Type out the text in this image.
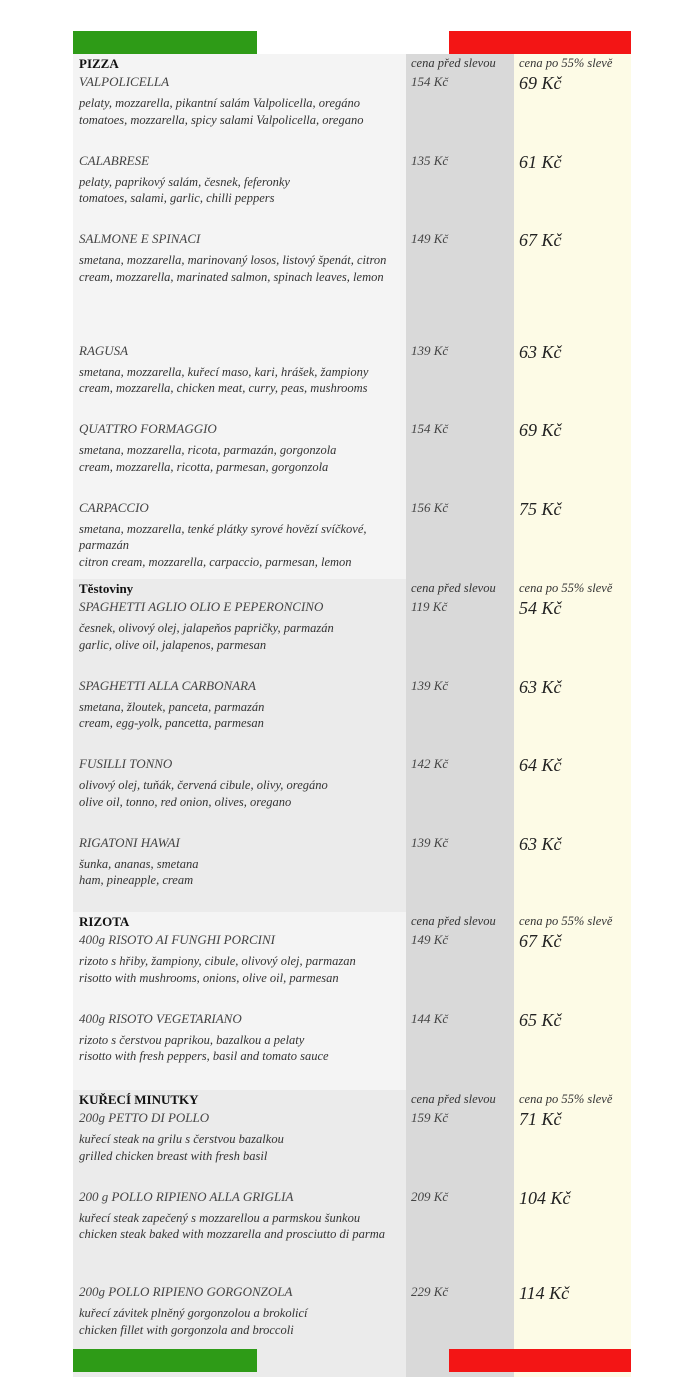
PIZZA
VALPOLICELLA
pelaty, mozzarella, pikantní salám Valpolicella, oregáno
tomatoes, mozzarella, spicy salami Valpolicella, oregano
CALABRESE
pelaty, paprikový salám, česnek, feferonky
tomatoes, salami, garlic, chilli peppers
SALMONE E SPINACI
smetana, mozzarella, marinovaný losos, listový špenát, citron
cream, mozzarella, marinated salmon, spinach leaves, lemon
RAGUSA
smetana, mozzarella, kuřecí maso, kari, hrášek, žampiony
cream, mozzarella, chicken meat, curry, peas, mushrooms
QUATTRO FORMAGGIO
smetana, mozzarella, ricota, parmazán, gorgonzola
cream, mozzarella, ricotta, parmesan, gorgonzola
CARPACCIO
smetana, mozzarella, tenké plátky syrové hovězí svíčkové, parmazán
citron cream, mozzarella, carpaccio, parmesan, lemon
cena před slevou
154 Kč
135 Kč
149 Kč
139 Kč
154 Kč
156 Kč
cena po 55% slevě
69 Kč
61 Kč
67 Kč
63 Kč
69 Kč
75 Kč
Těstoviny
SPAGHETTI AGLIO OLIO E PEPERONCINO
česnek, olivový olej, jalapeňos papričky, parmazán
garlic, olive oil, jalapenos, parmesan
SPAGHETTI ALLA CARBONARA
smetana, žloutek, panceta, parmazán
cream, egg-yolk, pancetta, parmesan
FUSILLI TONNO
olivový olej, tuňák, červená cibule, olivy, oregáno
olive oil, tonno, red onion, olives, oregano
RIGATONI HAWAI
šunka, ananas, smetana
ham, pineapple, cream
cena před slevou
119 Kč
139 Kč
142 Kč
139 Kč
cena po 55% slevě
54 Kč
63 Kč
64 Kč
63 Kč
RIZOTA
400g RISOTO AI FUNGHI PORCINI
rizoto s hřiby, žampiony, cibule, olivový olej, parmazan
risotto with mushrooms, onions, olive oil, parmesan
400g RISOTO VEGETARIANO
rizoto s čerstvou paprikou, bazalkou a pelaty
risotto with fresh peppers, basil and tomato sauce
cena před slevou
149 Kč
144 Kč
cena po 55% slevě
67 Kč
65 Kč
KUŘECÍ MINUTKY
200g PETTO DI POLLO
kuřecí steak na grilu s čerstvou bazalkou
grilled chicken breast with fresh basil
200 g POLLO RIPIENO ALLA GRIGLIA
kuřecí steak zapečený s mozzarellou a parmskou šunkou
chicken steak baked with mozzarella and prosciutto di parma
200g POLLO RIPIENO GORGONZOLA
kuřecí závitek plněný gorgonzolou a brokolicí
chicken fillet with gorgonzola and broccoli
cena před slevou
159 Kč
209 Kč
229 Kč
cena po 55% slevě
71 Kč
104 Kč
114 Kč
